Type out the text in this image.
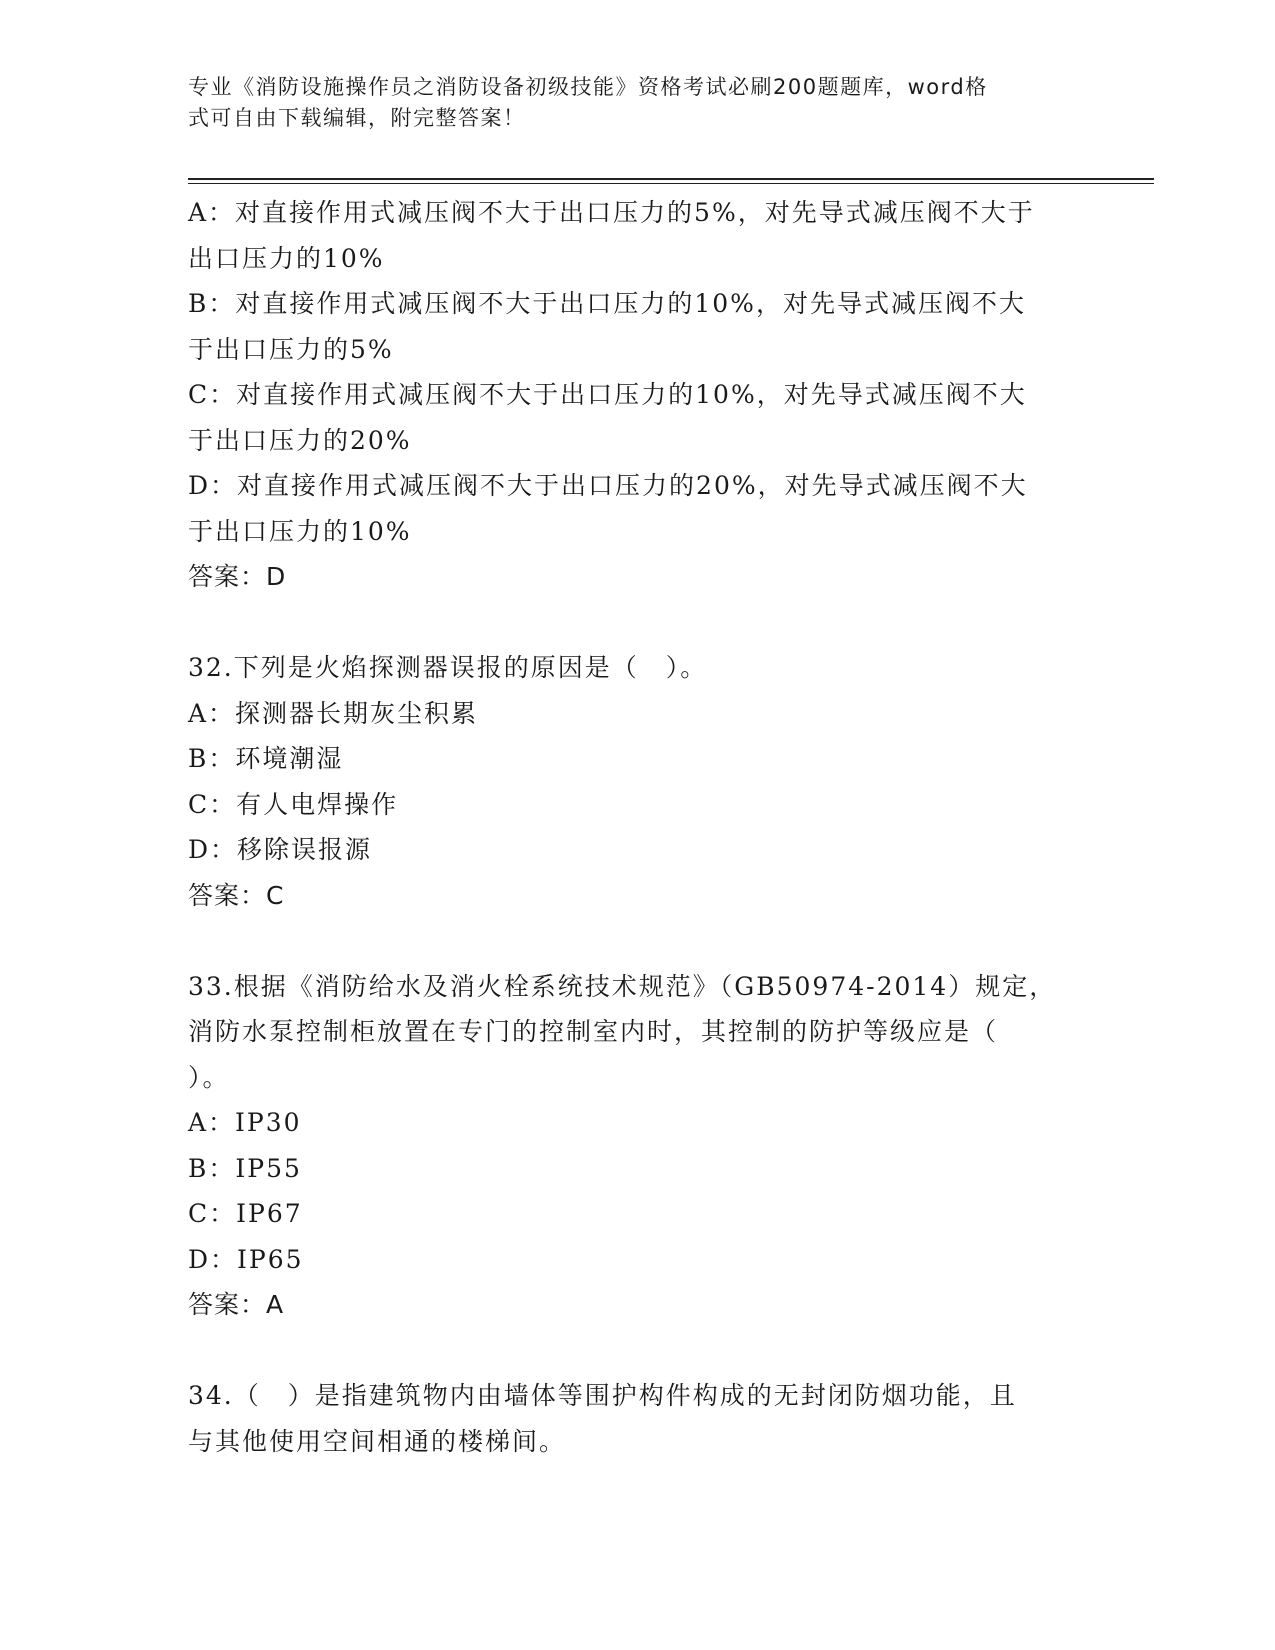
专业《消防设施操作员之消防设备初级技能》资格考试必刷200题题库，word格
式可自由下载编辑，附完整答案！
A：对直接作用式减压阀不大于出口压力的5%，对先导式减压阀不大于
出口压力的10%
B：对直接作用式减压阀不大于出口压力的10%，对先导式减压阀不大
于出口压力的5%
C：对直接作用式减压阀不大于出口压力的10%，对先导式减压阀不大
于出口压力的20%
D：对直接作用式减压阀不大于出口压力的20%，对先导式减压阀不大
于出口压力的10%
答案：D
32.下列是火焰探测器误报的原因是（　）。
A：探测器长期灰尘积累
B：环境潮湿
C：有人电焊操作
D：移除误报源
答案：C
33.根据《消防给水及消火栓系统技术规范》（GB50974-2014）规定，
消防水泵控制柜放置在专门的控制室内时，其控制的防护等级应是（
）。
A：IP30
B：IP55
C：IP67
D：IP65
答案：A
34.（　）是指建筑物内由墙体等围护构件构成的无封闭防烟功能，且
与其他使用空间相通的楼梯间。
